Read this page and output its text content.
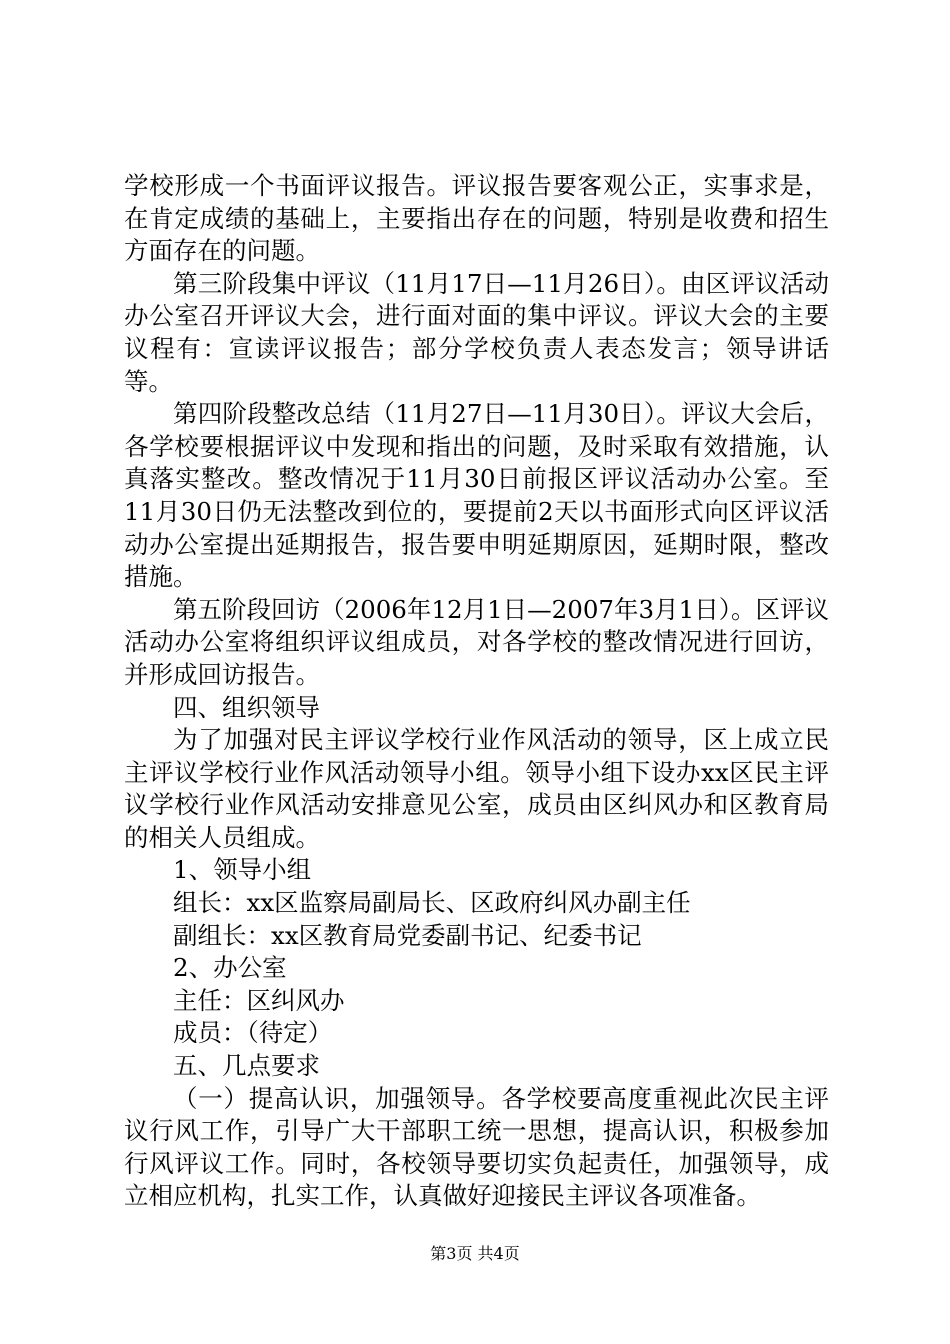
学校形成一个书面评议报告。评议报告要客观公正，实事求是，在肯定成绩的基础上，主要指出存在的问题，特别是收费和招生方面存在的问题。

第三阶段集中评议（11月17日—11月26日）。由区评议活动办公室召开评议大会，进行面对面的集中评议。评议大会的主要议程有：宣读评议报告；部分学校负责人表态发言；领导讲话等。

第四阶段整改总结（11月27日—11月30日）。评议大会后，各学校要根据评议中发现和指出的问题，及时采取有效措施，认真落实整改。整改情况于11月30日前报区评议活动办公室。至11月30日仍无法整改到位的，要提前2天以书面形式向区评议活动办公室提出延期报告，报告要申明延期原因，延期时限，整改措施。

第五阶段回访（2006年12月1日—2007年3月1日）。区评议活动办公室将组织评议组成员，对各学校的整改情况进行回访，并形成回访报告。

四、组织领导

为了加强对民主评议学校行业作风活动的领导，区上成立民主评议学校行业作风活动领导小组。领导小组下设办xx区民主评议学校行业作风活动安排意见公室，成员由区纠风办和区教育局的相关人员组成。

1、领导小组

组长：xx区监察局副局长、区政府纠风办副主任

副组长：xx区教育局党委副书记、纪委书记

2、办公室

主任：区纠风办

成员：（待定）

五、几点要求

（一）提高认识，加强领导。各学校要高度重视此次民主评议行风工作，引导广大干部职工统一思想，提高认识，积极参加行风评议工作。同时，各校领导要切实负起责任，加强领导，成立相应机构，扎实工作，认真做好迎接民主评议各项准备。

第3页 共4页
